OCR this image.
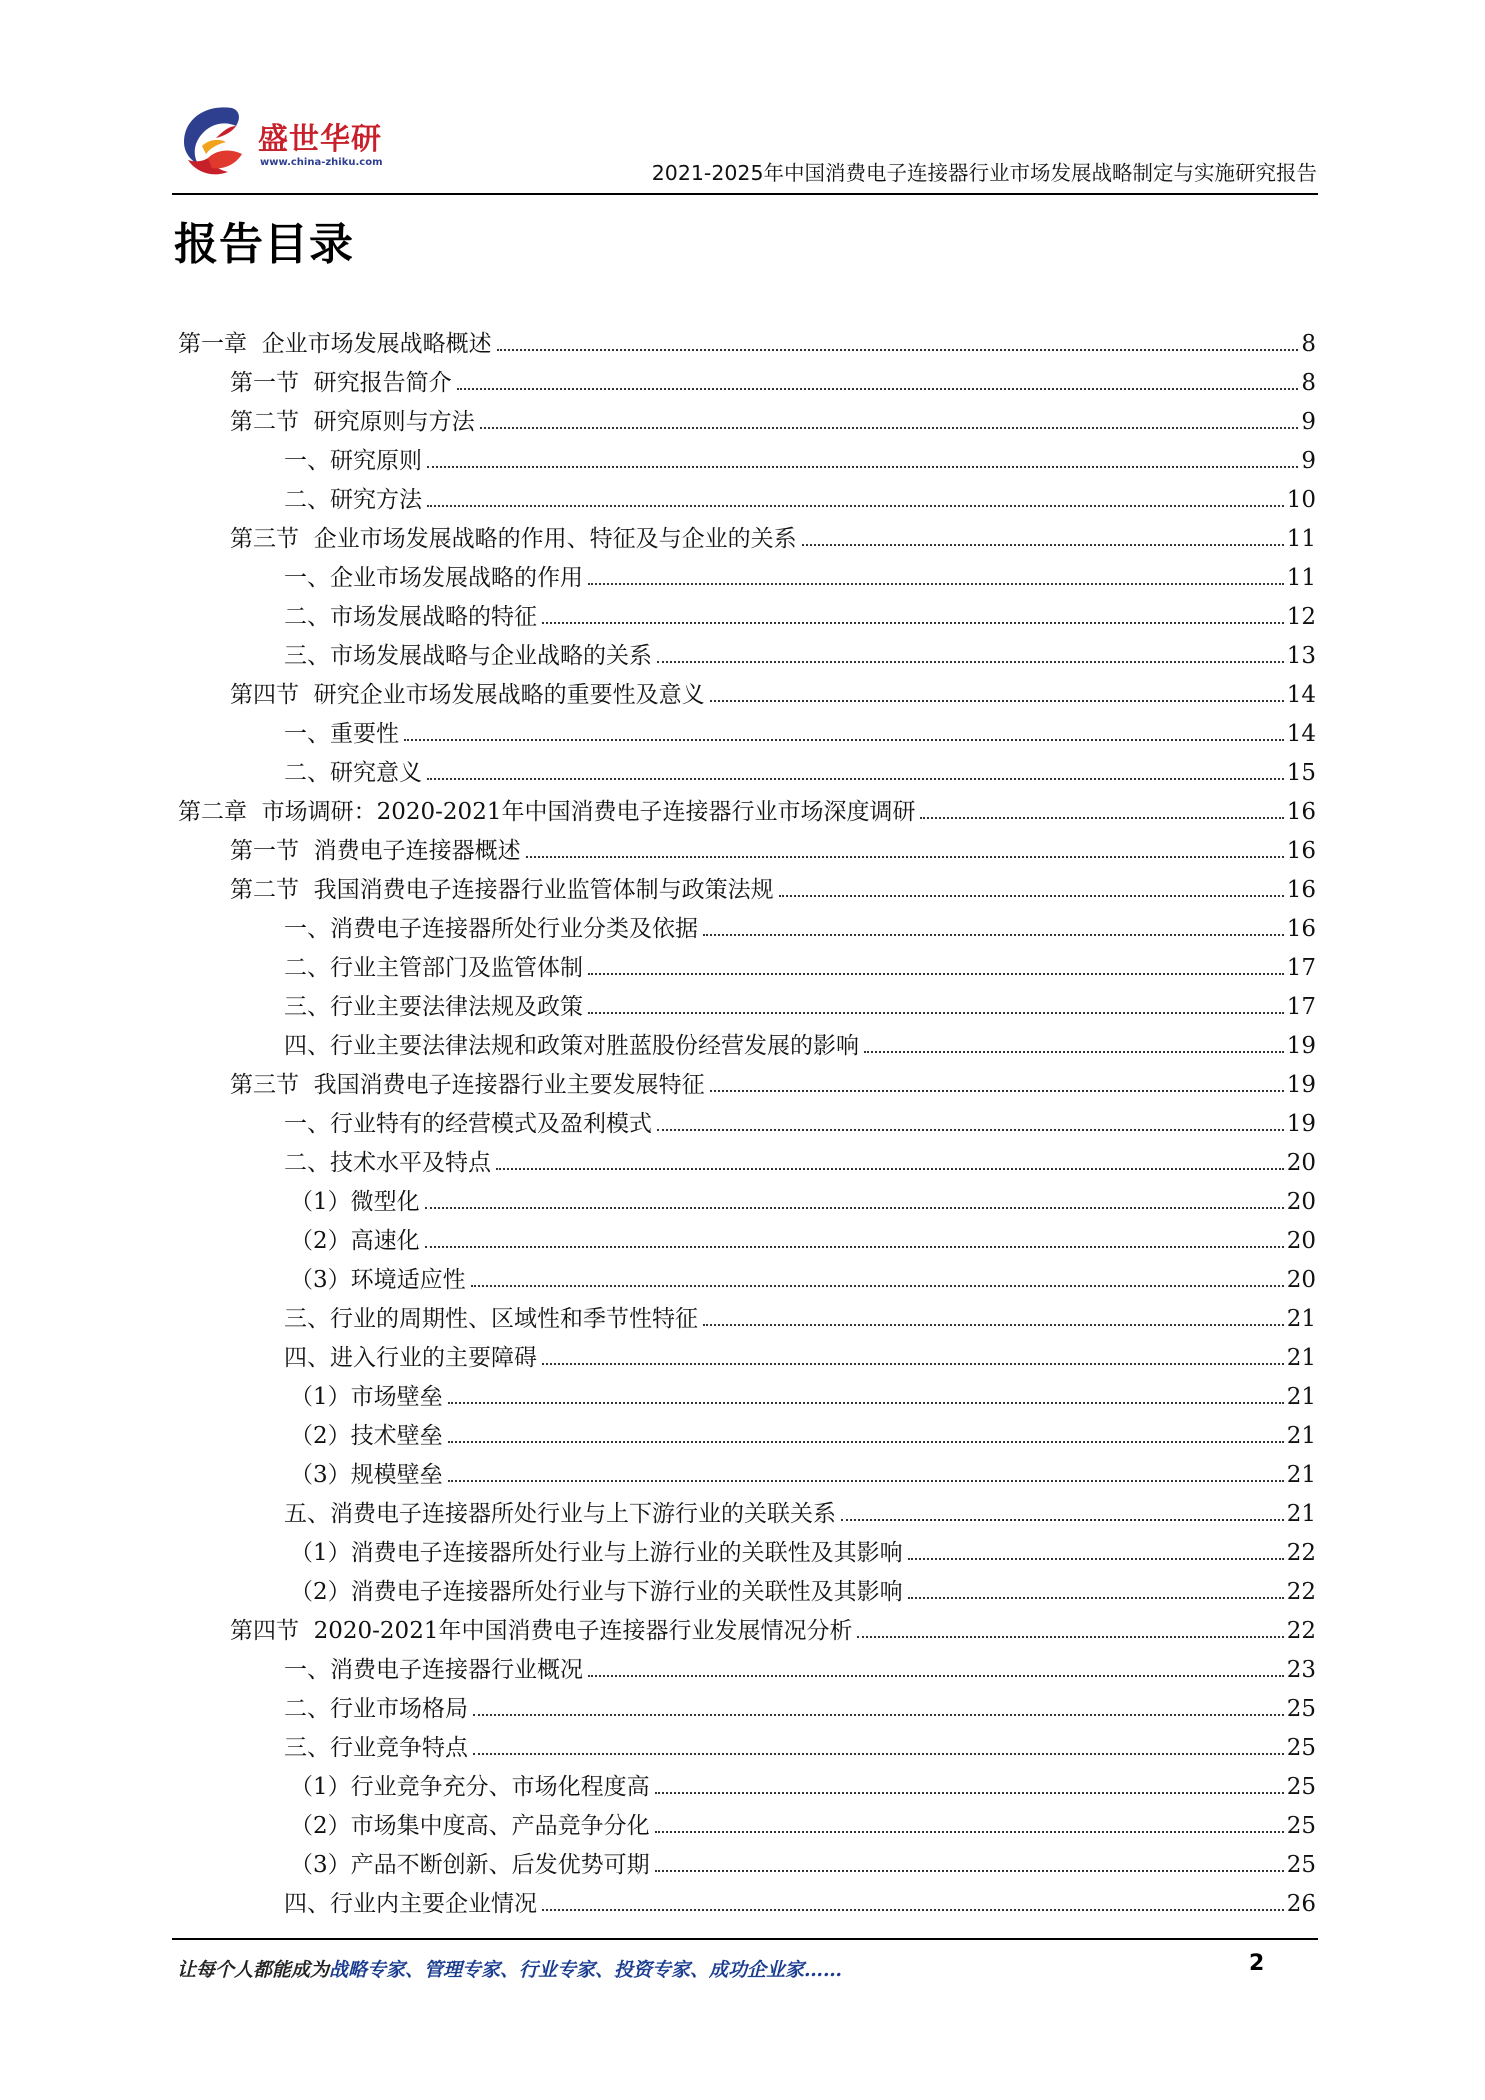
盛世华研
www.china-zhiku.com	2021-2025年中国消费电子连接器行业市场发展战略制定与实施研究报告
报告目录
第一章  企业市场发展战略概述	8
第一节  研究报告简介	8
第二节  研究原则与方法	9
一、研究原则	9
二、研究方法	10
第三节  企业市场发展战略的作用、特征及与企业的关系	11
一、企业市场发展战略的作用	11
二、市场发展战略的特征	12
三、市场发展战略与企业战略的关系	13
第四节  研究企业市场发展战略的重要性及意义	14
一、重要性	14
二、研究意义	15
第二章  市场调研：2020-2021年中国消费电子连接器行业市场深度调研	16
第一节  消费电子连接器概述	16
第二节  我国消费电子连接器行业监管体制与政策法规	16
一、消费电子连接器所处行业分类及依据	16
二、行业主管部门及监管体制	17
三、行业主要法律法规及政策	17
四、行业主要法律法规和政策对胜蓝股份经营发展的影响	19
第三节  我国消费电子连接器行业主要发展特征	19
一、行业特有的经营模式及盈利模式	19
二、技术水平及特点	20
（1）微型化	20
（2）高速化	20
（3）环境适应性	20
三、行业的周期性、区域性和季节性特征	21
四、进入行业的主要障碍	21
（1）市场壁垒	21
（2）技术壁垒	21
（3）规模壁垒	21
五、消费电子连接器所处行业与上下游行业的关联关系	21
（1）消费电子连接器所处行业与上游行业的关联性及其影响	22
（2）消费电子连接器所处行业与下游行业的关联性及其影响	22
第四节  2020-2021年中国消费电子连接器行业发展情况分析	22
一、消费电子连接器行业概况	23
二、行业市场格局	25
三、行业竞争特点	25
（1）行业竞争充分、市场化程度高	25
（2）市场集中度高、产品竞争分化	25
（3）产品不断创新、后发优势可期	25
四、行业内主要企业情况	26
让每个人都能成为战略专家、管理专家、行业专家、投资专家、成功企业家……	2
